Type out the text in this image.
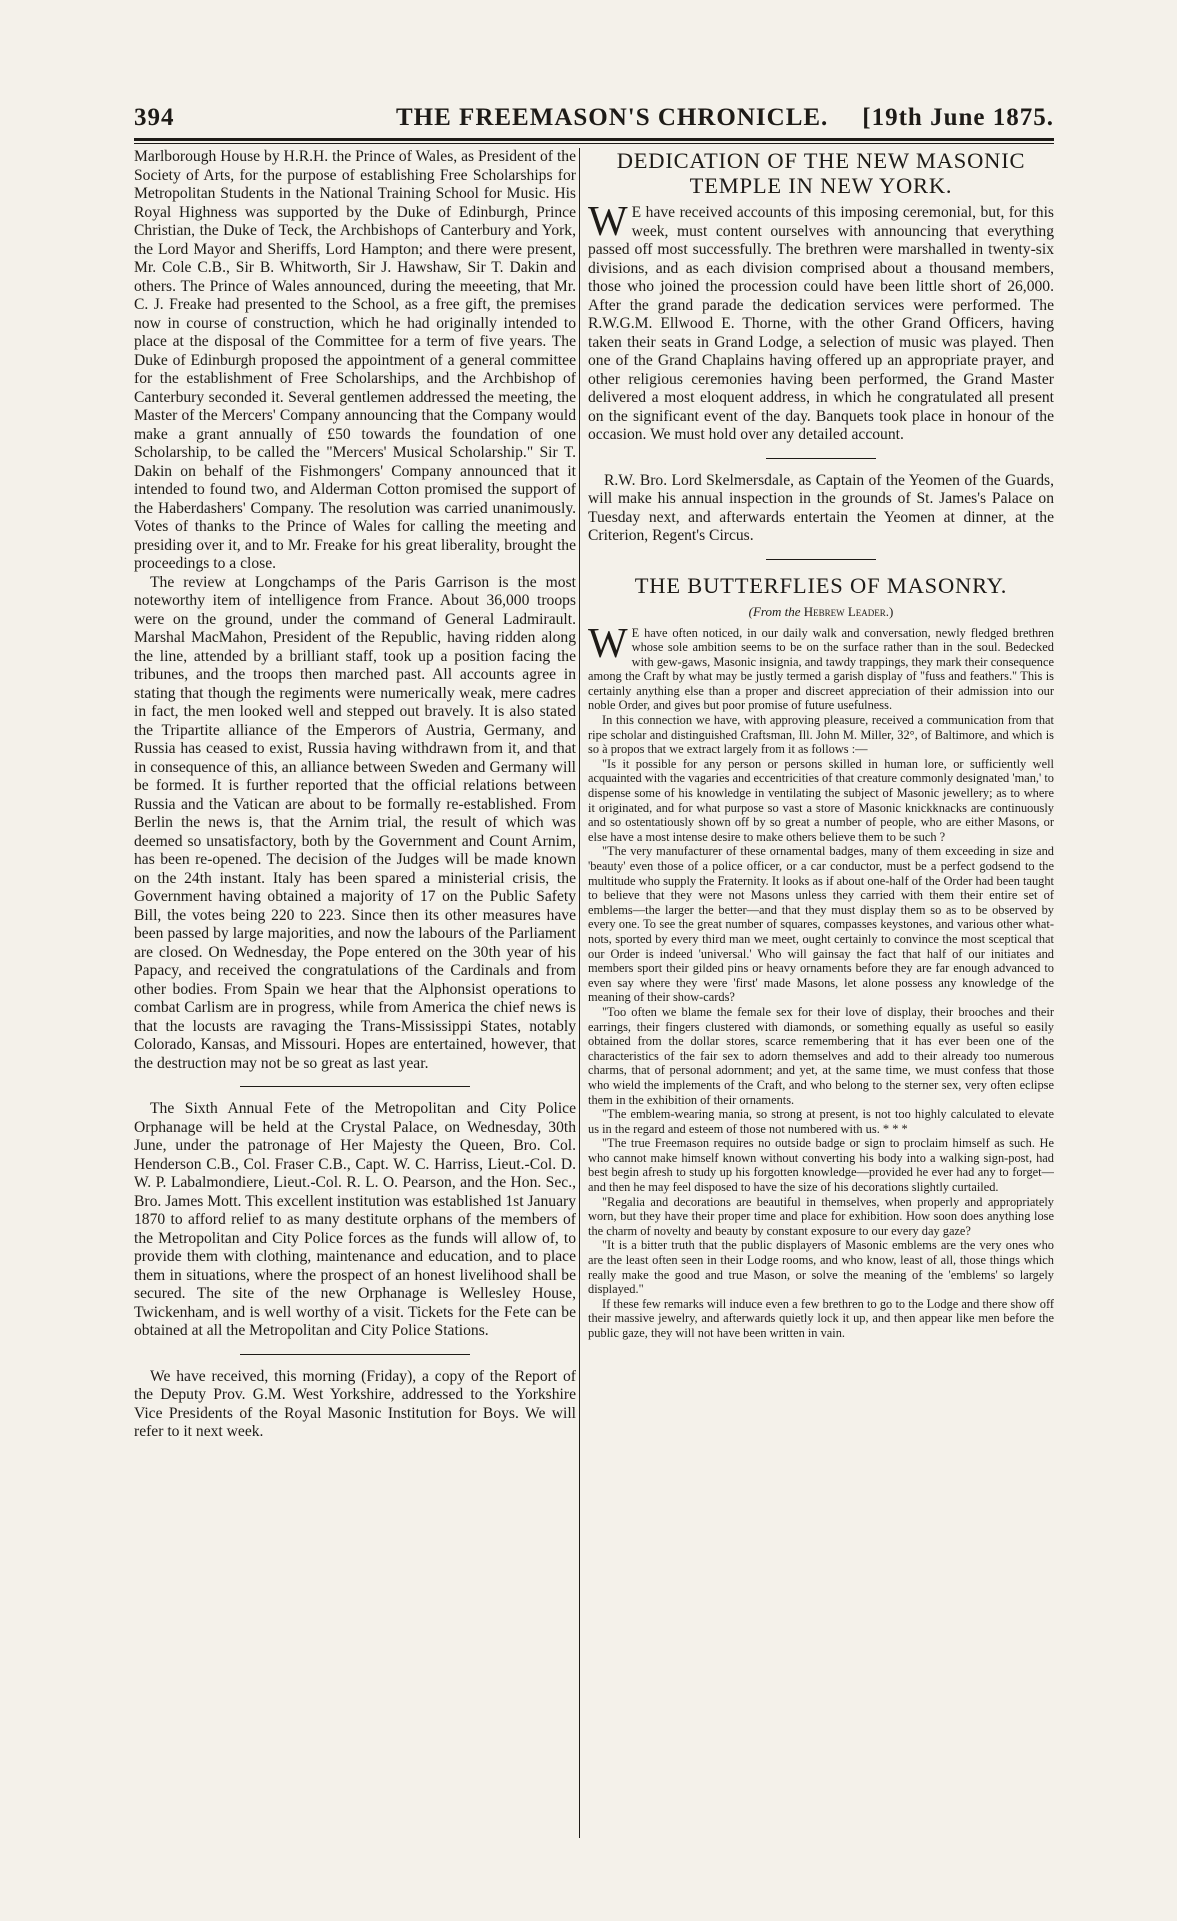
394	THE FREEMASON'S CHRONICLE. [19th June 1875.

Marlborough House by H.R.H. the Prince of Wales, as President of the Society of Arts, for the purpose of establishing Free Scholarships for Metropolitan Students in the National Training School for Music. His Royal Highness was supported by the Duke of Edinburgh, Prince Christian, the Duke of Teck, the Archbishops of Canterbury and York, the Lord Mayor and Sheriffs, Lord Hampton; and there were present, Mr. Cole C.B., Sir B. Whitworth, Sir J. Hawshaw, Sir T. Dakin and others. The Prince of Wales announced, during the meeeting, that Mr. C. J. Freake had presented to the School, as a free gift, the premises now in course of construction, which he had originally intended to place at the disposal of the Committee for a term of five years. The Duke of Edinburgh proposed the appointment of a general committee for the establishment of Free Scholarships, and the Archbishop of Canterbury seconded it. Several gentlemen addressed the meeting, the Master of the Mercers' Company announcing that the Company would make a grant annually of £50 towards the foundation of one Scholarship, to be called the "Mercers' Musical Scholarship." Sir T. Dakin on behalf of the Fishmongers' Company announced that it intended to found two, and Alderman Cotton promised the support of the Haberdashers' Company. The resolution was carried unanimously. Votes of thanks to the Prince of Wales for calling the meeting and presiding over it, and to Mr. Freake for his great liberality, brought the proceedings to a close.

The review at Longchamps of the Paris Garrison is the most noteworthy item of intelligence from France. About 36,000 troops were on the ground, under the command of General Ladmirault. Marshal MacMahon, President of the Republic, having ridden along the line, attended by a brilliant staff, took up a position facing the tribunes, and the troops then marched past. All accounts agree in stating that though the regiments were numerically weak, mere cadres in fact, the men looked well and stepped out bravely. It is also stated the Tripartite alliance of the Emperors of Austria, Germany, and Russia has ceased to exist, Russia having withdrawn from it, and that in consequence of this, an alliance between Sweden and Germany will be formed. It is further reported that the official relations between Russia and the Vatican are about to be formally re-established. From Berlin the news is, that the Arnim trial, the result of which was deemed so unsatisfactory, both by the Government and Count Arnim, has been re-opened. The decision of the Judges will be made known on the 24th instant. Italy has been spared a ministerial crisis, the Government having obtained a majority of 17 on the Public Safety Bill, the votes being 220 to 223. Since then its other measures have been passed by large majorities, and now the labours of the Parliament are closed. On Wednesday, the Pope entered on the 30th year of his Papacy, and received the congratulations of the Cardinals and from other bodies. From Spain we hear that the Alphonsist operations to combat Carlism are in progress, while from America the chief news is that the locusts are ravaging the Trans-Mississippi States, notably Colorado, Kansas, and Missouri. Hopes are entertained, however, that the destruction may not be so great as last year.

The Sixth Annual Fete of the Metropolitan and City Police Orphanage will be held at the Crystal Palace, on Wednesday, 30th June, under the patronage of Her Majesty the Queen, Bro. Col. Henderson C.B., Col. Fraser C.B., Capt. W. C. Harriss, Lieut.-Col. D. W. P. Labalmondiere, Lieut.-Col. R. L. O. Pearson, and the Hon. Sec., Bro. James Mott. This excellent institution was established 1st January 1870 to afford relief to as many destitute orphans of the members of the Metropolitan and City Police forces as the funds will allow of, to provide them with clothing, maintenance and education, and to place them in situations, where the prospect of an honest livelihood shall be secured. The site of the new Orphanage is Wellesley House, Twickenham, and is well worthy of a visit. Tickets for the Fete can be obtained at all the Metropolitan and City Police Stations.

We have received, this morning (Friday), a copy of the Report of the Deputy Prov. G.M. West Yorkshire, addressed to the Yorkshire Vice Presidents of the Royal Masonic Institution for Boys. We will refer to it next week.

DEDICATION OF THE NEW MASONIC TEMPLE IN NEW YORK.

W E have received accounts of this imposing ceremonial, but, for this week, must content ourselves with announcing that everything passed off most successfully. The brethren were marshalled in twenty-six divisions, and as each division comprised about a thousand members, those who joined the procession could have been little short of 26,000. After the grand parade the dedication services were performed. The R.W.G.M. Ellwood E. Thorne, with the other Grand Officers, having taken their seats in Grand Lodge, a selection of music was played. Then one of the Grand Chaplains having offered up an appropriate prayer, and other religious ceremonies having been performed, the Grand Master delivered a most eloquent address, in which he congratulated all present on the significant event of the day. Banquets took place in honour of the occasion. We must hold over any detailed account.

R.W. Bro. Lord Skelmersdale, as Captain of the Yeomen of the Guards, will make his annual inspection in the grounds of St. James's Palace on Tuesday next, and afterwards entertain the Yeomen at dinner, at the Criterion, Regent's Circus.

THE BUTTERFLIES OF MASONRY.

(From the Hebrew Leader.)

W E have often noticed, in our daily walk and conversation, newly fledged brethren whose sole ambition seems to be on the surface rather than in the soul. Bedecked with gew-gaws, Masonic insignia, and tawdy trappings, they mark their consequence among the Craft by what may be justly termed a garish display of "fuss and feathers." This is certainly anything else than a proper and discreet appreciation of their admission into our noble Order, and gives but poor promise of future usefulness.

In this connection we have, with approving pleasure, received a communication from that ripe scholar and distinguished Craftsman, Ill. John M. Miller, 32°, of Baltimore, and which is so à propos that we extract largely from it as follows :—

"Is it possible for any person or persons skilled in human lore, or sufficiently well acquainted with the vagaries and eccentricities of that creature commonly designated 'man,' to dispense some of his knowledge in ventilating the subject of Masonic jewellery; as to where it originated, and for what purpose so vast a store of Masonic knickknacks are continuously and so ostentatiously shown off by so great a number of people, who are either Masons, or else have a most intense desire to make others believe them to be such ?

"The very manufacturer of these ornamental badges, many of them exceeding in size and 'beauty' even those of a police officer, or a car conductor, must be a perfect godsend to the multitude who supply the Fraternity. It looks as if about one-half of the Order had been taught to believe that they were not Masons unless they carried with them their entire set of emblems—the larger the better—and that they must display them so as to be observed by every one. To see the great number of squares, compasses keystones, and various other what-nots, sported by every third man we meet, ought certainly to convince the most sceptical that our Order is indeed 'universal.' Who will gainsay the fact that half of our initiates and members sport their gilded pins or heavy ornaments before they are far enough advanced to even say where they were 'first' made Masons, let alone possess any knowledge of the meaning of their show-cards?

"Too often we blame the female sex for their love of display, their brooches and their earrings, their fingers clustered with diamonds, or something equally as useful so easily obtained from the dollar stores, scarce remembering that it has ever been one of the characteristics of the fair sex to adorn themselves and add to their already too numerous charms, that of personal adornment; and yet, at the same time, we must confess that those who wield the implements of the Craft, and who belong to the sterner sex, very often eclipse them in the exhibition of their ornaments.

"The emblem-wearing mania, so strong at present, is not too highly calculated to elevate us in the regard and esteem of those not numbered with us. * * *

"The true Freemason requires no outside badge or sign to proclaim himself as such. He who cannot make himself known without converting his body into a walking sign-post, had best begin afresh to study up his forgotten knowledge—provided he ever had any to forget—and then he may feel disposed to have the size of his decorations slightly curtailed.

"Regalia and decorations are beautiful in themselves, when properly and appropriately worn, but they have their proper time and place for exhibition. How soon does anything lose the charm of novelty and beauty by constant exposure to our every day gaze?

"It is a bitter truth that the public displayers of Masonic emblems are the very ones who are the least often seen in their Lodge rooms, and who know, least of all, those things which really make the good and true Mason, or solve the meaning of the 'emblems' so largely displayed."

If these few remarks will induce even a few brethren to go to the Lodge and there show off their massive jewelry, and afterwards quietly lock it up, and then appear like men before the public gaze, they will not have been written in vain.
